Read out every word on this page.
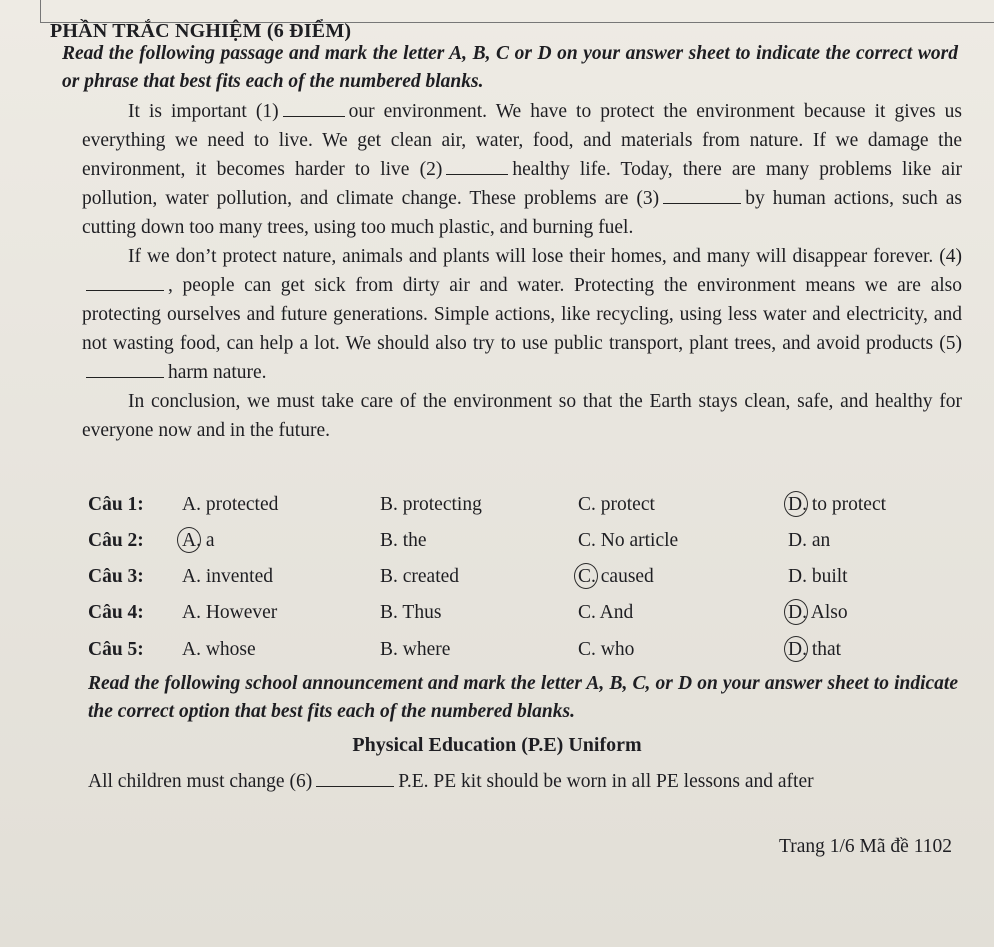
PHẦN TRẮC NGHIỆM (6 ĐIỂM)
Read the following passage and mark the letter A, B, C or D on your answer sheet to indicate the correct word or phrase that best fits each of the numbered blanks.

It is important (1)	our environment. We have to protect the environment because it gives us everything we need to live. We get clean air, water, food, and materials from nature. If we damage the environment, it becomes harder to live (2)	healthy life. Today, there are many problems like air pollution, water pollution, and climate change. These problems are (3)	by human actions, such as cutting down too many trees, using too much plastic, and burning fuel.

If we don’t protect nature, animals and plants will lose their homes, and many will disappear forever. (4), people can get sick from dirty air and water. Protecting the environment means we are also protecting ourselves and future generations. Simple actions, like recycling, using less water and electricity, and not wasting food, can help a lot. We should also try to use public transport, plant trees, and avoid products (5)harm nature.

In conclusion, we must take care of the environment so that the Earth stays clean, safe, and healthy for everyone now and in the future.

Câu 1: A. protected	B. protecting	C. protect	D. to protect
Câu 2: A. a	B. the	C. No article	D. an
Câu 3: A. invented	B. created	C. caused	D. built
Câu 4: A. However	B. Thus	C. And	D. Also
Câu 5: A. whose	B. where	C. who	D. that
Read the following school announcement and mark the letter A, B, C, or D on your answer sheet to indicate the correct option that best fits each of the numbered blanks.
Physical Education (P.E) Uniform
All children must change (6)	P.E. PE kit should be worn in all PE lessons and after
Trang 1/6 Mã đề 1102
